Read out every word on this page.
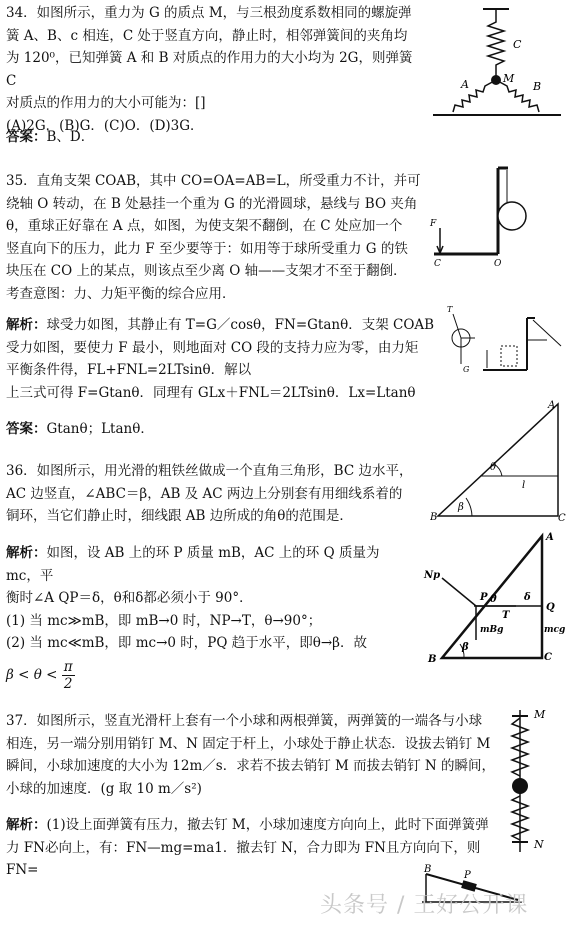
34．如图所示，重力为 G 的质点 M，与三根劲度系数相同的螺旋弹
簧 A、B、c 相连，C 处于竖直方向，静止时，相邻弹簧间的夹角均
为 120⁰，已知弹簧 A 和 B 对质点的作用力的大小均为 2G，则弹簧 C
对质点的作用力的大小可能为：[]
(A)2G．(B)G．(C)O．(D)3G．
C
A	M
B
答案：B、D．
35．直角支架 COAB，其中 CO=OA=AB=L，所受重力不计，并可
绕轴 O 转动，在 B 处悬挂一个重为 G 的光滑圆球，悬线与 BO 夹角
θ，重球正好靠在 A 点，如图，为使支架不翻倒，在 C 处应加一个
竖直向下的压力，此力 F 至少要等于：如用等于球所受重力 G 的铁
块压在 CO 上的某点，则该点至少离 O 轴——支架才不至于翻倒．
考查意图：力、力矩平衡的综合应用．
F
C	O
T
G
解析：球受力如图，其静止有 T=G／cosθ，FN=Gtanθ．支架 COAB
受力如图，要使力 F 最小，则地面对 CO 段的支持力应为零，由力矩
平衡条件得，FL+FNL=2LTsinθ．解以
上三式可得 F=Gtanθ．同理有 GLx＋FNL＝2LTsinθ．Lx=Ltanθ
答案：Gtanθ；Ltanθ．
B	C
A
β
θ
l
36．如图所示，用光滑的粗铁丝做成一个直角三角形，BC 边水平，
AC 边竖直，∠ABC＝β，AB 及 AC 两边上分别套有用细线系着的
铜环，当它们静止时，细线跟 AB 边所成的角θ的范围是．
解析：如图，设 AB 上的环 P 质量 mB，AC 上的环 Q 质量为 mc，平
衡时∠A QP＝δ，θ和δ都必须小于 90°．
(1) 当 mc≫mB，即 mB→0 时，NP→T，θ→90°；
(2) 当 mc≪mB，即 mc→0 时，PQ 趋于水平，即θ→β．故
$\beta < \theta < \frac{\pi}{2}$	B	C
A
Np
P
Q
T
mBg	mcg
β
δ
θ
37．如图所示，竖直光滑杆上套有一个小球和两根弹簧，两弹簧的一端各与小球
相连，另一端分别用销钉 M、N 固定于杆上，小球处于静止状态．设拔去销钉 M
瞬间，小球加速度的大小为 12m／s．求若不拔去销钉 M 而拔去销钉 N 的瞬间，
小球的加速度．(g 取 10 m／s²)
M
N
解析：(1)设上面弹簧有压力，撤去钉 M，小球加速度方向向上，此时下面弹簧弹
力 FN必向上，有：FN—mg=ma1．撤去钉 N，合力即为 FN且方向向下，则 FN=	B
P
头条号 / 王好公开课
